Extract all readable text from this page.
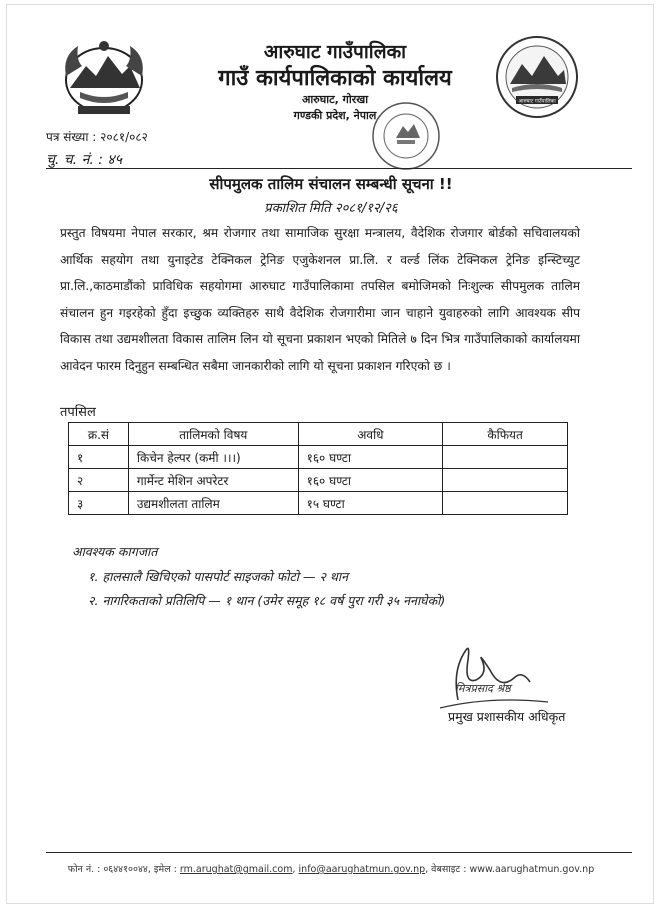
आरुघाट गाउँपालिका
गाउँ कार्यपालिकाको कार्यालय
आरुघाट, गोरखा
गण्डकी प्रदेश, नेपाल
आरुघाट गाउँपालिका
पत्र संख्या : २०८१/०८२
चु. च. नं. : ४५
सीपमुलक तालिम संचालन सम्बन्धी सूचना !!
प्रकाशित मिति २०८१/१२/२६
प्रस्तुत विषयमा नेपाल सरकार, श्रम रोजगार तथा सामाजिक सुरक्षा मन्त्रालय, वैदेशिक रोजगार बोर्डको सचिवालयको आर्थिक सहयोग तथा युनाइटेड टेक्निकल ट्रेनिङ एजुकेशनल प्रा.लि. र वर्ल्ड लिंक टेक्निकल ट्रेनिङ इन्स्टिच्युट प्रा.लि.,काठमाडौंको प्राविधिक सहयोगमा आरुघाट गाउँपालिकामा तपसिल बमोजिमको निःशुल्क सीपमुलक तालिम संचालन हुन गइरहेको हुँदा इच्छुक व्यक्तिहरु साथै वैदेशिक रोजगारीमा जान चाहाने युवाहरुको लागि आवश्यक सीप विकास तथा उद्यमशीलता विकास तालिम लिन यो सूचना प्रकाशन भएको मितिले ७ दिन भित्र गाउँपालिकाको कार्यालयमा आवेदन फारम दिनुहुन सम्बन्धित सबैमा जानकारीको लागि यो सूचना प्रकाशन गरिएको छ ।
तपसिल
क्र.सं	तालिमको विषय	अवधि	कैफियत
१	किचेन हेल्पर (कमी ।।।)	१६० घण्टा	
२	गार्मेन्ट मेशिन अपरेटर	१६० घण्टा	
३	उद्यमशीलता तालिम	१५ घण्टा	
आवश्यक कागजात
१. हालसालै खिचिएको पासपोर्ट साइजको फोटो — २ थान
२. नागरिकताको प्रतिलिपि — १ थान (उमेर समूह १८ वर्ष पुरा गरी ३५ ननाघेको)
मित्रप्रसाद श्रेष्ठ
प्रमुख प्रशासकीय अधिकृत
फोन नं. : ०६४४१००४४, इमेल : rm.arughat@gmail.com, info@aarughatmun.gov.np, वेबसाइट : www.aarughatmun.gov.np
